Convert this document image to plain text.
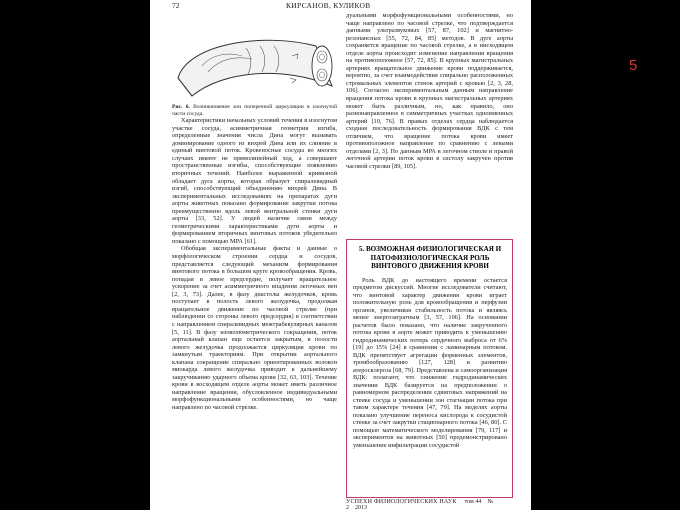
72	КИРСАНОВ, КУЛИКОВ

Рис. 6. Возникновение зон поперечной циркуляции в изогнутой части сосуда.

Характеристики начальных условий течения в изогнутом участке сосуда, асимметричная геометрия изгиба, определенные значения числа Дина могут вызывать доминирование одного из вихрей Дина или их слияние в единый винтовой поток. Кровеносные сосуды во многих случаях имеют не прямолинейный ход, а совершают пространственные изгибы, способствующие появлению вторичных течений. Наиболее выраженной кривизной обладает дуга аорты, которая образует спиралевидный изгиб, способствующий объединению вихрей Дина. В экспериментальных исследованиях на препаратах дуги аорты животных показано формирование закрутки потока преимущественно вдоль левой вентральной стенки дуги аорты [33, 52]. У людей наличие связи между геометрическими характеристиками дуги аорты и формированием вторичных винтовых потоков убедительно показано с помощью МРА [61].

Обобщая экспериментальные факты и данные о морфологическом строении сердца и сосудов, представляется следующий механизм формирования винтового потока в большом круге кровообращения. Кровь, попадая в левое предсердие, получает вращательное ускорение за счет асимметричного впадения легочных вен [2, 3, 73]. Далее, в фазу диастолы желудочков, кровь поступает в полость левого желудочка, продолжая вращательное движение по часовой стрелке (при наблюдении со стороны левого предсердия) в соответствии с направлением спиралевидных межтрабекулярных каналов [5, 11]. В фазу изоволюметрического сокращения, поток аортальный клапан еще остается закрытым, в полости левого желудочка продолжается циркуляция крови по замкнутым траекториям. При открытии аортального клапана сокращение спирально ориентированных волокон миокарда левого желудочка приводит к дальнейшему закручиванию ударного объема крови [32, 63, 103]. Течение крови в восходящем отделе аорты может иметь различное направление вращения, обусловленное индивидуальными морфофункциональными особенностями, но чаще направлено по часовой стрелке.

дуальными морфофункциональными особенностями, но чаще направлено по часовой стрелке, что подтверждается данными ультразвуковых [57, 87, 102] и магнитно-резонансных [55, 72, 84, 85] методов. В дуге аорты сохраняется вращение по часовой стрелке, а в нисходящем отделе аорты происходит изменение направления вращения на противоположное [57, 72, 85]. В крупных магистральных артериях вращательное движение крови поддерживается, вероятно, за счет взаимодействия спирально расположенных стромальных элементов стенок артерий с кровью [2, 3, 28, 106]. Согласно экспериментальным данным направление вращения потока крови в крупных магистральных артериях может быть различным, но, как правило, оно разнонаправленное в симметричных участках одноименных артерий [10, 76]. В правых отделах сердца наблюдается сходная последовательность формирования ВДК с тем отличием, что вращение потока крови имеет противоположное направление по сравнению с левыми отделами [2, 3]. По данным МРА в легочном стволе и правой легочной артерии поток крови в систолу закручен против часовой стрелки [89, 105].

5. ВОЗМОЖНАЯ ФИЗИОЛОГИЧЕСКАЯ И ПАТОФИЗИОЛОГИЧЕСКАЯ РОЛЬ ВИНТОВОГО ДВИЖЕНИЯ КРОВИ

Роль ВДК до настоящего времени остается предметом дискуссий. Многие исследователи считают, что винтовой характер движения крови играет положительную роль для кровообращения и перфузии органов, увеличивая стабильность потока и являясь менее энергозатратным [3, 57, 106]. На основании расчетов было показано, что наличие закрученного потока крови в аорте может приводить к уменьшению гидродинамических потерь сердечного выброса от 6% [19] до 15% [24] в сравнении с ламинарным потоком. ВДК препятствует агрегации форменных элементов, тромбообразованию [127, 128] и развитию атеросклероза [68, 79]. Представлена и самоорганизация ВДК: полагают, что снижение гидродинамических значении ВДК базируется на предположении о равномерном распределении сдвиговых напряжений на стенке сосуда и уменьшении зон стагнации потока при таком характере течения [47, 79]. На моделях аорты показано улучшение переноса кислорода к сосудистой стенке за счет закрутки стационарного потока [46, 80]. С помощью математического моделирования [79, 117] и экспериментов на животных [50] продемонстрировано уменьшение инфильтрации сосудистой

УСПЕХИ ФИЗИОЛОГИЧЕСКИХ НАУК том 44 № 2 2013
5
